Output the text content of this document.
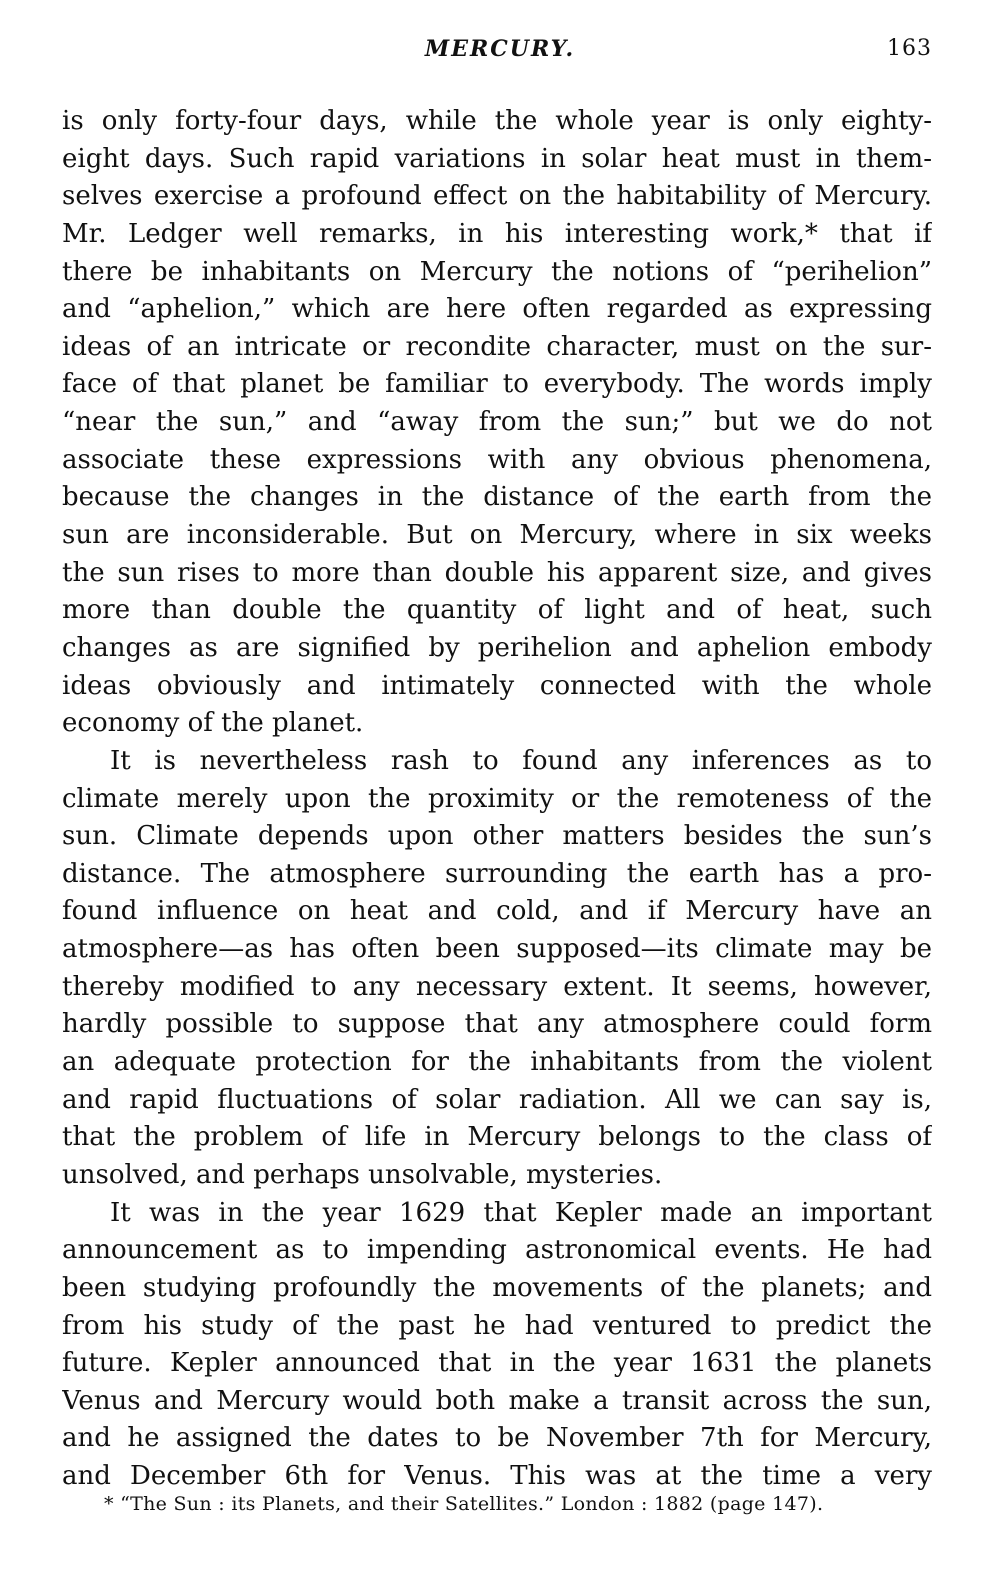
MERCURY.	163
is only forty-four days, while the whole year is only eighty-
eight days. Such rapid variations in solar heat must in them-
selves exercise a profound effect on the habitability of Mercury.
Mr. Ledger well remarks, in his interesting work,* that if
there be inhabitants on Mercury the notions of “perihelion”
and “aphelion,” which are here often regarded as expressing
ideas of an intricate or recondite character, must on the sur-
face of that planet be familiar to everybody. The words imply
“near the sun,” and “away from the sun;” but we do not
associate these expressions with any obvious phenomena,
because the changes in the distance of the earth from the
sun are inconsiderable. But on Mercury, where in six weeks
the sun rises to more than double his apparent size, and gives
more than double the quantity of light and of heat, such
changes as are signified by perihelion and aphelion embody
ideas obviously and intimately connected with the whole
economy of the planet.
It is nevertheless rash to found any inferences as to
climate merely upon the proximity or the remoteness of the
sun. Climate depends upon other matters besides the sun’s
distance. The atmosphere surrounding the earth has a pro-
found influence on heat and cold, and if Mercury have an
atmosphere—as has often been supposed—its climate may be
thereby modified to any necessary extent. It seems, however,
hardly possible to suppose that any atmosphere could form
an adequate protection for the inhabitants from the violent
and rapid fluctuations of solar radiation. All we can say is,
that the problem of life in Mercury belongs to the class of
unsolved, and perhaps unsolvable, mysteries.
It was in the year 1629 that Kepler made an important
announcement as to impending astronomical events. He had
been studying profoundly the movements of the planets; and
from his study of the past he had ventured to predict the
future. Kepler announced that in the year 1631 the planets
Venus and Mercury would both make a transit across the sun,
and he assigned the dates to be November 7th for Mercury,
and December 6th for Venus. This was at the time a very
* “The Sun : its Planets, and their Satellites.” London : 1882 (page 147).
